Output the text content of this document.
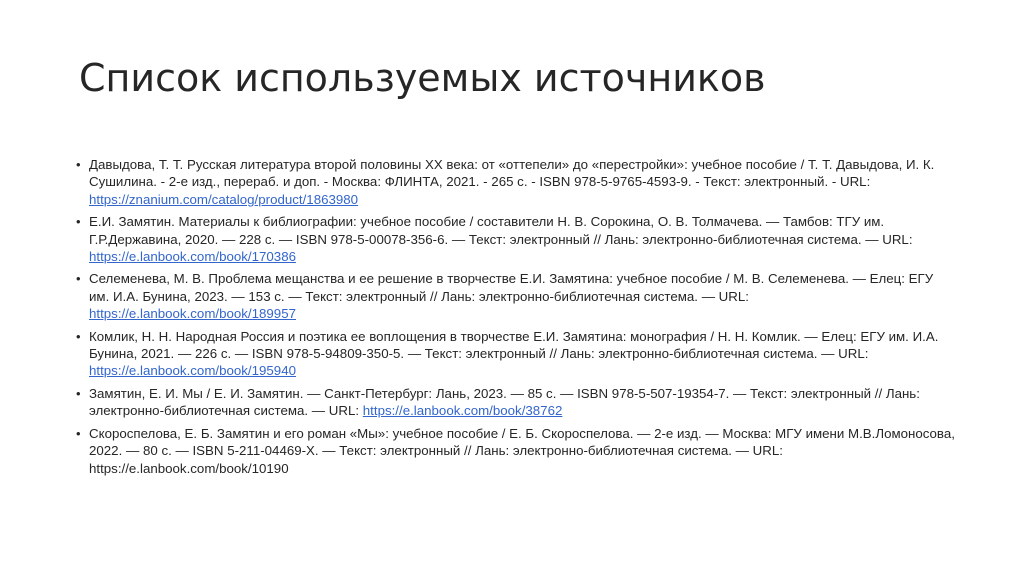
Список используемых источников
• Давыдова, Т. Т. Русская литература второй половины XX века: от «оттепели» до «перестройки»: учебное пособие / Т. Т. Давыдова, И. К. Сушилина. - 2-е изд., перераб. и доп. - Москва: ФЛИНТА, 2021. - 265 с. - ISBN 978-5-9765-4593-9. - Текст: электронный. - URL: https://znanium.com/catalog/product/1863980
• Е.И. Замятин. Материалы к библиографии: учебное пособие / составители Н. В. Сорокина, О. В. Толмачева. — Тамбов: ТГУ им. Г.Р.Державина, 2020. — 228 с. — ISBN 978-5-00078-356-6. — Текст: электронный // Лань: электронно-библиотечная система. — URL: https://e.lanbook.com/book/170386
• Селеменева, М. В. Проблема мещанства и ее решение в творчестве Е.И. Замятина: учебное пособие / М. В. Селеменева. — Елец: ЕГУ им. И.А. Бунина, 2023. — 153 с. — Текст: электронный // Лань: электронно-библиотечная система. — URL: https://e.lanbook.com/book/189957
• Комлик, Н. Н. Народная Россия и поэтика ее воплощения в творчестве Е.И. Замятина: монография / Н. Н. Комлик. — Елец: ЕГУ им. И.А. Бунина, 2021. — 226 с. — ISBN 978-5-94809-350-5. — Текст: электронный // Лань: электронно-библиотечная система. — URL: https://e.lanbook.com/book/195940
• Замятин, Е. И. Мы / Е. И. Замятин. — Санкт-Петербург: Лань, 2023. — 85 с. — ISBN 978-5-507-19354-7. — Текст: электронный // Лань: электронно-библиотечная система. — URL: https://e.lanbook.com/book/38762
• Скороспелова, Е. Б. Замятин и его роман «Мы»: учебное пособие / Е. Б. Скороспелова. — 2-е изд. — Москва: МГУ имени М.В.Ломоносова, 2022. — 80 с. — ISBN 5-211-04469-X. — Текст: электронный // Лань: электронно-библиотечная система. — URL: https://e.lanbook.com/book/10190
